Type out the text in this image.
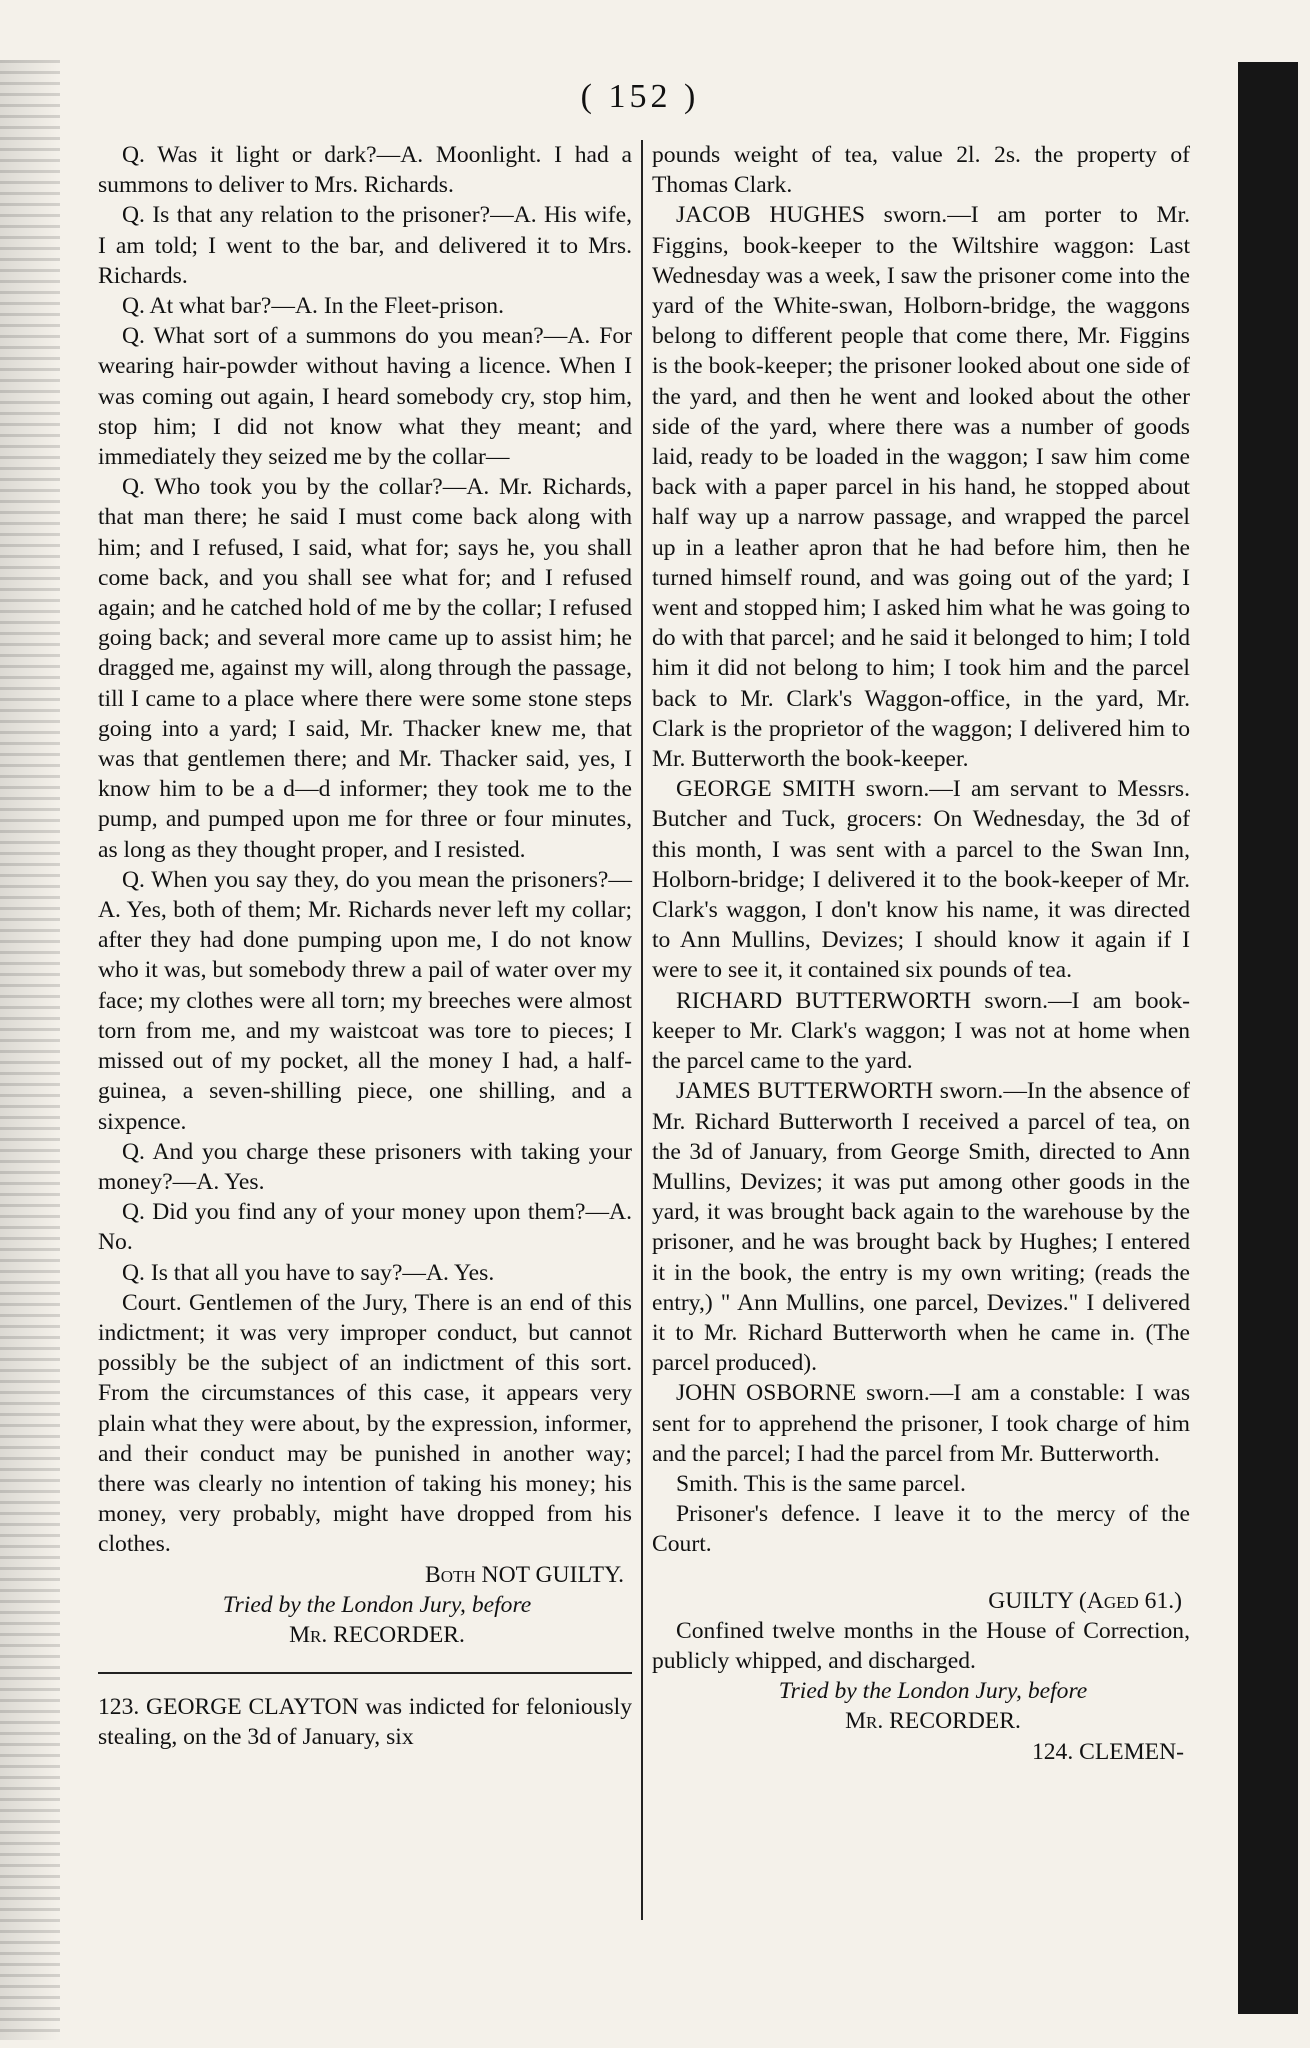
( 152 )

Q. Was it light or dark?—A. Moonlight. I had a summons to deliver to Mrs. Richards.

Q. Is that any relation to the prisoner?—A. His wife, I am told; I went to the bar, and delivered it to Mrs. Richards.

Q. At what bar?—A. In the Fleet-prison.

Q. What sort of a summons do you mean?—A. For wearing hair-powder without having a licence. When I was coming out again, I heard somebody cry, stop him, stop him; I did not know what they meant; and immediately they seized me by the collar—

Q. Who took you by the collar?—A. Mr. Richards, that man there; he said I must come back along with him; and I refused, I said, what for; says he, you shall come back, and you shall see what for; and I refused again; and he catched hold of me by the collar; I refused going back; and several more came up to assist him; he dragged me, against my will, along through the passage, till I came to a place where there were some stone steps going into a yard; I said, Mr. Thacker knew me, that was that gentlemen there; and Mr. Thacker said, yes, I know him to be a d—d informer; they took me to the pump, and pumped upon me for three or four minutes, as long as they thought proper, and I resisted.

Q. When you say they, do you mean the prisoners?—A. Yes, both of them; Mr. Richards never left my collar; after they had done pumping upon me, I do not know who it was, but somebody threw a pail of water over my face; my clothes were all torn; my breeches were almost torn from me, and my waistcoat was tore to pieces; I missed out of my pocket, all the money I had, a half-guinea, a seven-shilling piece, one shilling, and a sixpence.

Q. And you charge these prisoners with taking your money?—A. Yes.

Q. Did you find any of your money upon them?—A. No.

Q. Is that all you have to say?—A. Yes.

Court. Gentlemen of the Jury, There is an end of this indictment; it was very improper conduct, but cannot possibly be the subject of an indictment of this sort. From the circumstances of this case, it appears very plain what they were about, by the expression, informer, and their conduct may be punished in another way; there was clearly no intention of taking his money; his money, very probably, might have dropped from his clothes.

Both NOT GUILTY.

Tried by the London Jury, before

Mr. RECORDER.

123. GEORGE CLAYTON was indicted for feloniously stealing, on the 3d of January, six

pounds weight of tea, value 2l. 2s. the property of Thomas Clark.

JACOB HUGHES sworn.—I am porter to Mr. Figgins, book-keeper to the Wiltshire waggon: Last Wednesday was a week, I saw the prisoner come into the yard of the White-swan, Holborn-bridge, the waggons belong to different people that come there, Mr. Figgins is the book-keeper; the prisoner looked about one side of the yard, and then he went and looked about the other side of the yard, where there was a number of goods laid, ready to be loaded in the waggon; I saw him come back with a paper parcel in his hand, he stopped about half way up a narrow passage, and wrapped the parcel up in a leather apron that he had before him, then he turned himself round, and was going out of the yard; I went and stopped him; I asked him what he was going to do with that parcel; and he said it belonged to him; I told him it did not belong to him; I took him and the parcel back to Mr. Clark's Waggon-office, in the yard, Mr. Clark is the proprietor of the waggon; I delivered him to Mr. Butterworth the book-keeper.

GEORGE SMITH sworn.—I am servant to Messrs. Butcher and Tuck, grocers: On Wednesday, the 3d of this month, I was sent with a parcel to the Swan Inn, Holborn-bridge; I delivered it to the book-keeper of Mr. Clark's waggon, I don't know his name, it was directed to Ann Mullins, Devizes; I should know it again if I were to see it, it contained six pounds of tea.

RICHARD BUTTERWORTH sworn.—I am book-keeper to Mr. Clark's waggon; I was not at home when the parcel came to the yard.

JAMES BUTTERWORTH sworn.—In the absence of Mr. Richard Butterworth I received a parcel of tea, on the 3d of January, from George Smith, directed to Ann Mullins, Devizes; it was put among other goods in the yard, it was brought back again to the warehouse by the prisoner, and he was brought back by Hughes; I entered it in the book, the entry is my own writing; (reads the entry,) " Ann Mullins, one parcel, Devizes." I delivered it to Mr. Richard Butterworth when he came in. (The parcel produced).

JOHN OSBORNE sworn.—I am a constable: I was sent for to apprehend the prisoner, I took charge of him and the parcel; I had the parcel from Mr. Butterworth.

Smith. This is the same parcel.

Prisoner's defence. I leave it to the mercy of the Court.

GUILTY (Aged 61.)

Confined twelve months in the House of Correction, publicly whipped, and discharged.

Tried by the London Jury, before

Mr. RECORDER.

124. CLEMEN-
